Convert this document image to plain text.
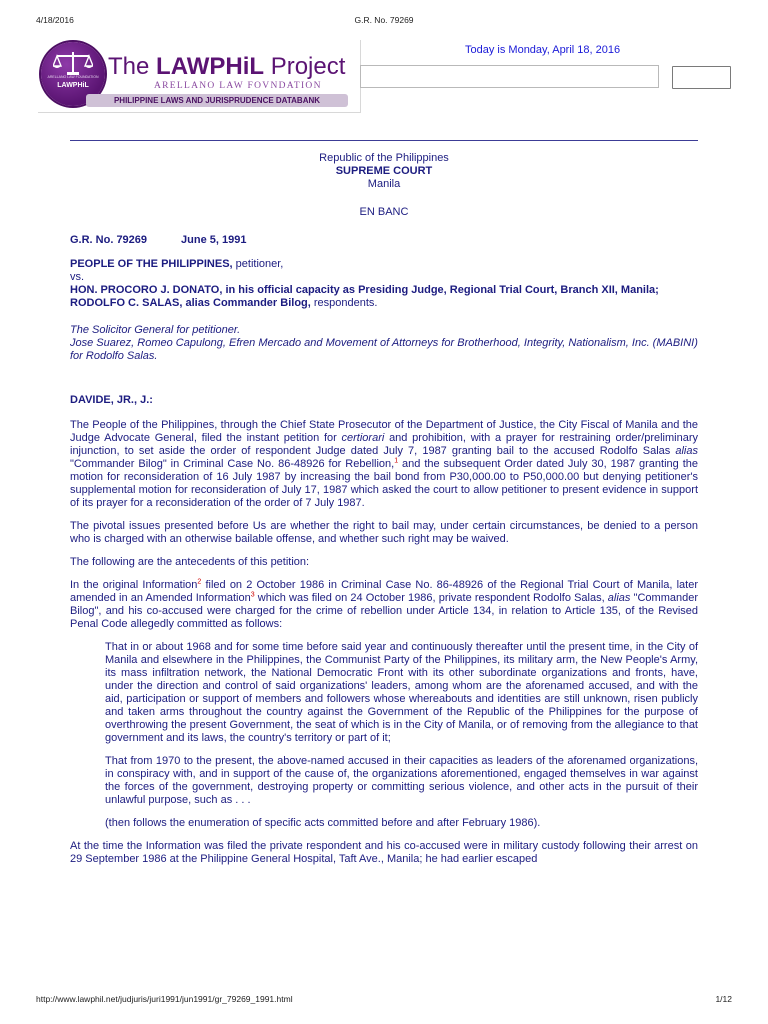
4/18/2016	G.R. No. 79269
ARELLANO LAW FOUNDATION
LAWPHiL
The LAWPHiL Project
ARELLANO LAW FOVNDATION
PHILIPPINE LAWS AND JURISPRUDENCE DATABANK
Today is Monday, April 18, 2016

Republic of the Philippines

SUPREME COURT

Manila

EN BANC

G.R. No. 79269	June 5, 1991
PEOPLE OF THE PHILIPPINES, petitioner,
vs.
HON. PROCORO J. DONATO, in his official capacity as Presiding Judge, Regional Trial Court, Branch XII, Manila; RODOLFO C. SALAS, alias Commander Bilog, respondents.
The Solicitor General for petitioner.
Jose Suarez, Romeo Capulong, Efren Mercado and Movement of Attorneys for Brotherhood, Integrity, Nationalism, Inc. (MABINI) for Rodolfo Salas.
DAVIDE, JR., J.:

The People of the Philippines, through the Chief State Prosecutor of the Department of Justice, the City Fiscal of Manila and the Judge Advocate General, filed the instant petition for certiorari and prohibition, with a prayer for restraining order/preliminary injunction, to set aside the order of respondent Judge dated July 7, 1987 granting bail to the accused Rodolfo Salas alias "Commander Bilog" in Criminal Case No. 86-48926 for Rebellion,$^1$ and the subsequent Order dated July 30, 1987 granting the motion for reconsideration of 16 July 1987 by increasing the bail bond from P30,000.00 to P50,000.00 but denying petitioner's supplemental motion for reconsideration of July 17, 1987 which asked the court to allow petitioner to present evidence in support of its prayer for a reconsideration of the order of 7 July 1987.

The pivotal issues presented before Us are whether the right to bail may, under certain circumstances, be denied to a person who is charged with an otherwise bailable offense, and whether such right may be waived.

The following are the antecedents of this petition:

In the original Information$^2$ filed on 2 October 1986 in Criminal Case No. 86-48926 of the Regional Trial Court of Manila, later amended in an Amended Information$^3$ which was filed on 24 October 1986, private respondent Rodolfo Salas, alias "Commander Bilog", and his co-accused were charged for the crime of rebellion under Article 134, in relation to Article 135, of the Revised Penal Code allegedly committed as follows:

That in or about 1968 and for some time before said year and continuously thereafter until the present time, in the City of Manila and elsewhere in the Philippines, the Communist Party of the Philippines, its military arm, the New People's Army, its mass infiltration network, the National Democratic Front with its other subordinate organizations and fronts, have, under the direction and control of said organizations' leaders, among whom are the aforenamed accused, and with the aid, participation or support of members and followers whose whereabouts and identities are still unknown, risen publicly and taken arms throughout the country against the Government of the Republic of the Philippines for the purpose of overthrowing the present Government, the seat of which is in the City of Manila, or of removing from the allegiance to that government and its laws, the country's territory or part of it;

That from 1970 to the present, the above-named accused in their capacities as leaders of the aforenamed organizations, in conspiracy with, and in support of the cause of, the organizations aforementioned, engaged themselves in war against the forces of the government, destroying property or committing serious violence, and other acts in the pursuit of their unlawful purpose, such as . . .

(then follows the enumeration of specific acts committed before and after February 1986).

At the time the Information was filed the private respondent and his co-accused were in military custody following their arrest on 29 September 1986 at the Philippine General Hospital, Taft Ave., Manila; he had earlier escaped

http://www.lawphil.net/judjuris/juri1991/jun1991/gr_79269_1991.html	1/12
